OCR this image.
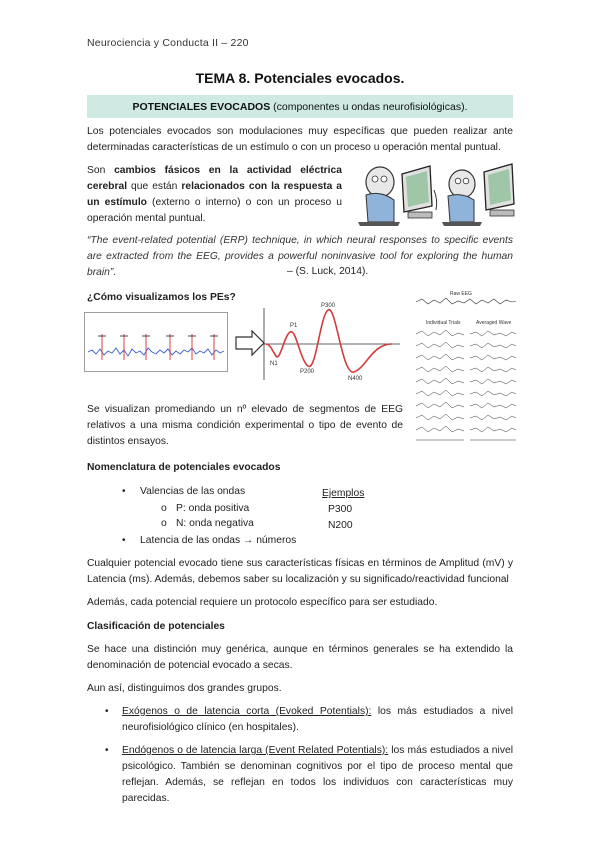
Neurociencia y Conducta II – 220
TEMA 8. Potenciales evocados.
POTENCIALES EVOCADOS (componentes u ondas neurofisiológicas).
Los potenciales evocados son modulaciones muy específicas que pueden realizar ante determinadas características de un estímulo o con un proceso u operación mental puntual.
Son cambios fásicos en la actividad eléctrica cerebral que están relacionados con la respuesta a un estímulo (externo o interno) o con un proceso u operación mental puntual.
“The event-related potential (ERP) technique, in which neural responses to specific events are extracted from the EEG, provides a powerful noninvasive tool for exploring the human brain”.	– (S. Luck, 2014).
¿Cómo visualizamos los PEs?
P300
P1
N1
P200
N400
Raw EEG
Individual Trials	Averaged Wave
Se visualizan promediando un nº elevado de segmentos de EEG relativos a una misma condición experimental o tipo de evento de distintos ensayos.
Nomenclatura de potenciales evocados
• Valencias de las ondas
o P: onda positiva
o N: onda negativa
• Latencia de las ondas → números
Ejemplos
P300
N200
Cualquier potencial evocado tiene sus características físicas en términos de Amplitud (mV) y Latencia (ms). Además, debemos saber su localización y su significado/reactividad funcional
Además, cada potencial requiere un protocolo específico para ser estudiado.
Clasificación de potenciales
Se hace una distinción muy genérica, aunque en términos generales se ha extendido la denominación de potencial evocado a secas.
Aun así, distinguimos dos grandes grupos.
• Exógenos o de latencia corta (Evoked Potentials): los más estudiados a nivel neurofisiológico clínico (en hospitales).
• Endógenos o de latencia larga (Event Related Potentials): los más estudiados a nivel psicológico. También se denominan cognitivos por el tipo de proceso mental que reflejan. Además, se reflejan en todos los individuos con características muy parecidas.
